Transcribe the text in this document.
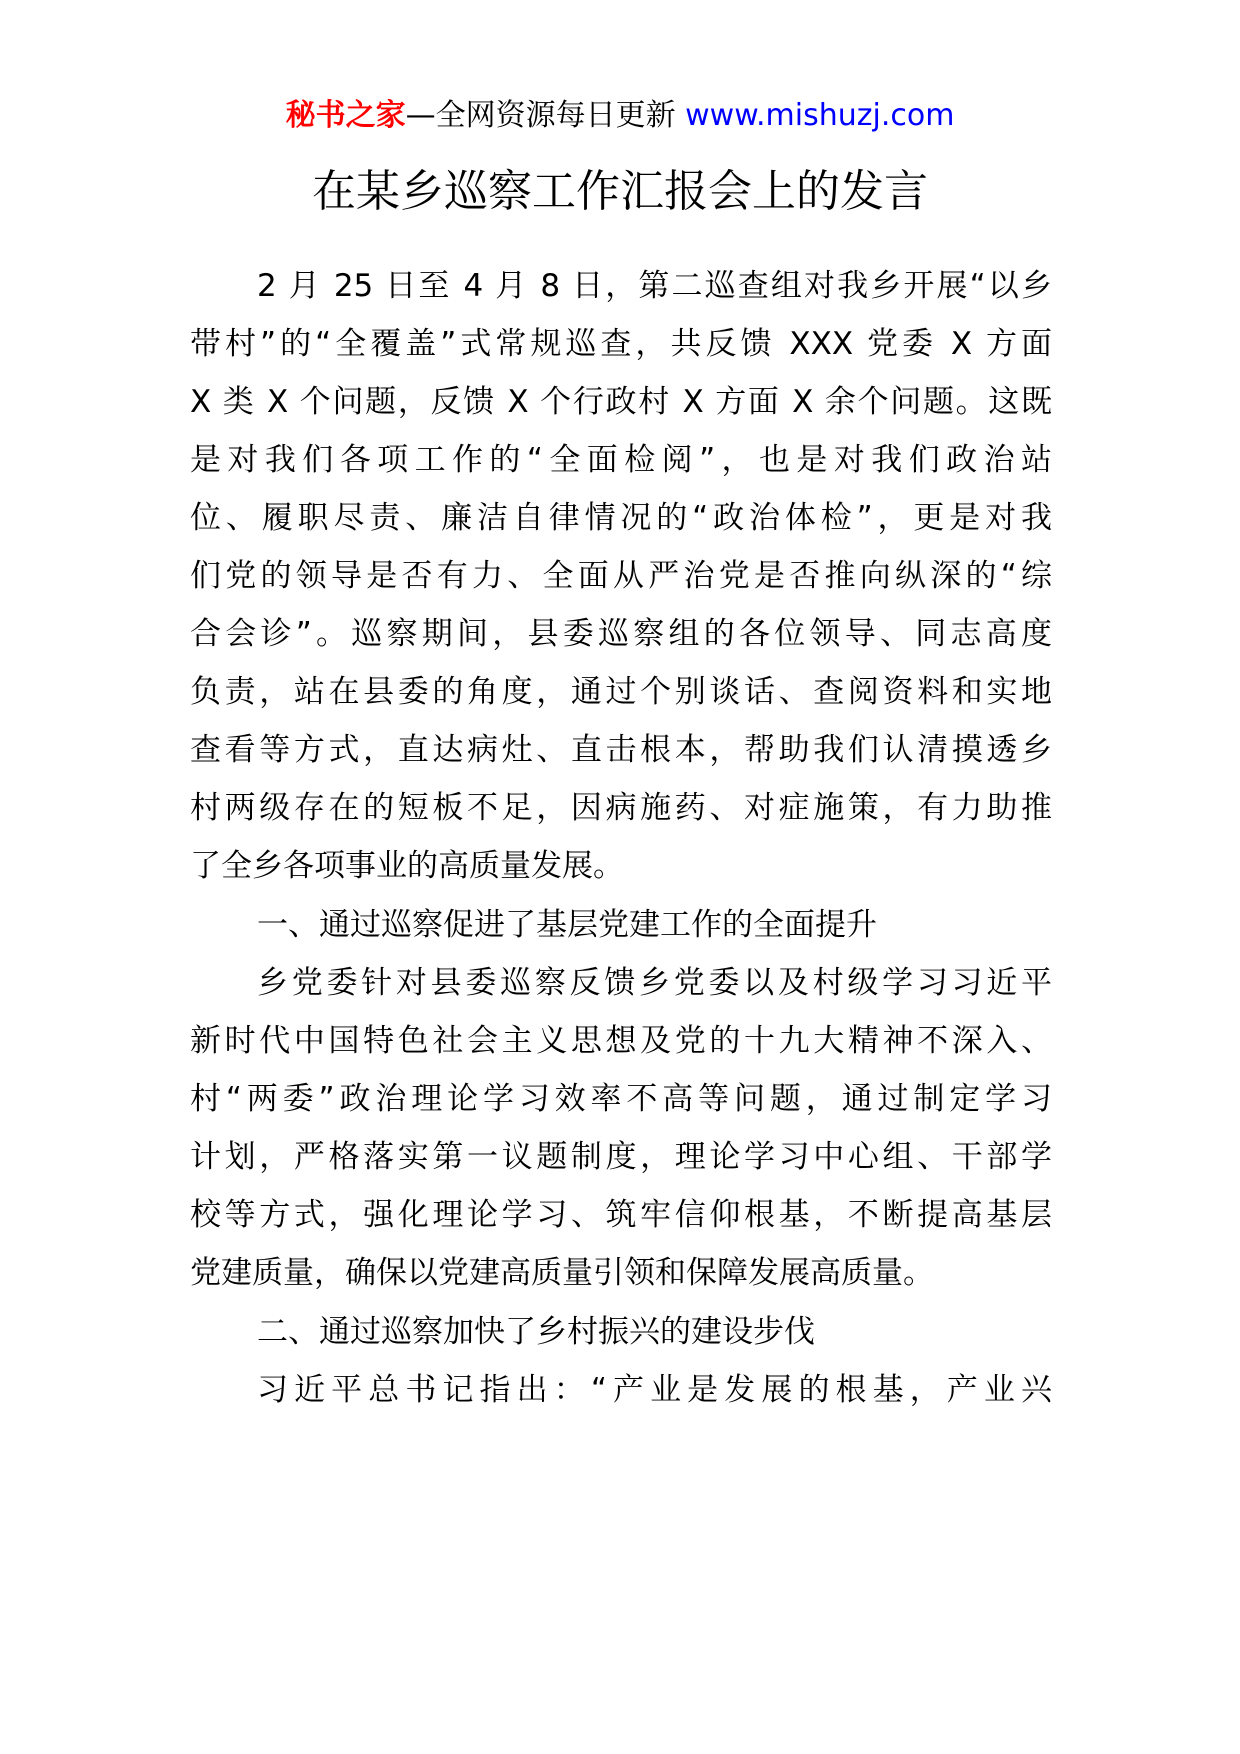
秘书之家—全网资源每日更新 www.mishuzj.com
在某乡巡察工作汇报会上的发言
2 月 25 日至 4 月 8 日，第二巡查组对我乡开展“以乡
带村”的“全覆盖”式常规巡查，共反馈 XXX 党委 X 方面
X 类 X 个问题，反馈 X 个行政村 X 方面 X 余个问题。这既
是对我们各项工作的“全面检阅”，也是对我们政治站
位、履职尽责、廉洁自律情况的“政治体检”，更是对我
们党的领导是否有力、全面从严治党是否推向纵深的“综
合会诊”。巡察期间，县委巡察组的各位领导、同志高度
负责，站在县委的角度，通过个别谈话、查阅资料和实地
查看等方式，直达病灶、直击根本，帮助我们认清摸透乡
村两级存在的短板不足，因病施药、对症施策，有力助推
了全乡各项事业的高质量发展。
一、通过巡察促进了基层党建工作的全面提升
乡党委针对县委巡察反馈乡党委以及村级学习习近平
新时代中国特色社会主义思想及党的十九大精神不深入、
村“两委”政治理论学习效率不高等问题，通过制定学习
计划，严格落实第一议题制度，理论学习中心组、干部学
校等方式，强化理论学习、筑牢信仰根基，不断提高基层
党建质量，确保以党建高质量引领和保障发展高质量。
二、通过巡察加快了乡村振兴的建设步伐
习近平总书记指出：“产业是发展的根基，产业兴
